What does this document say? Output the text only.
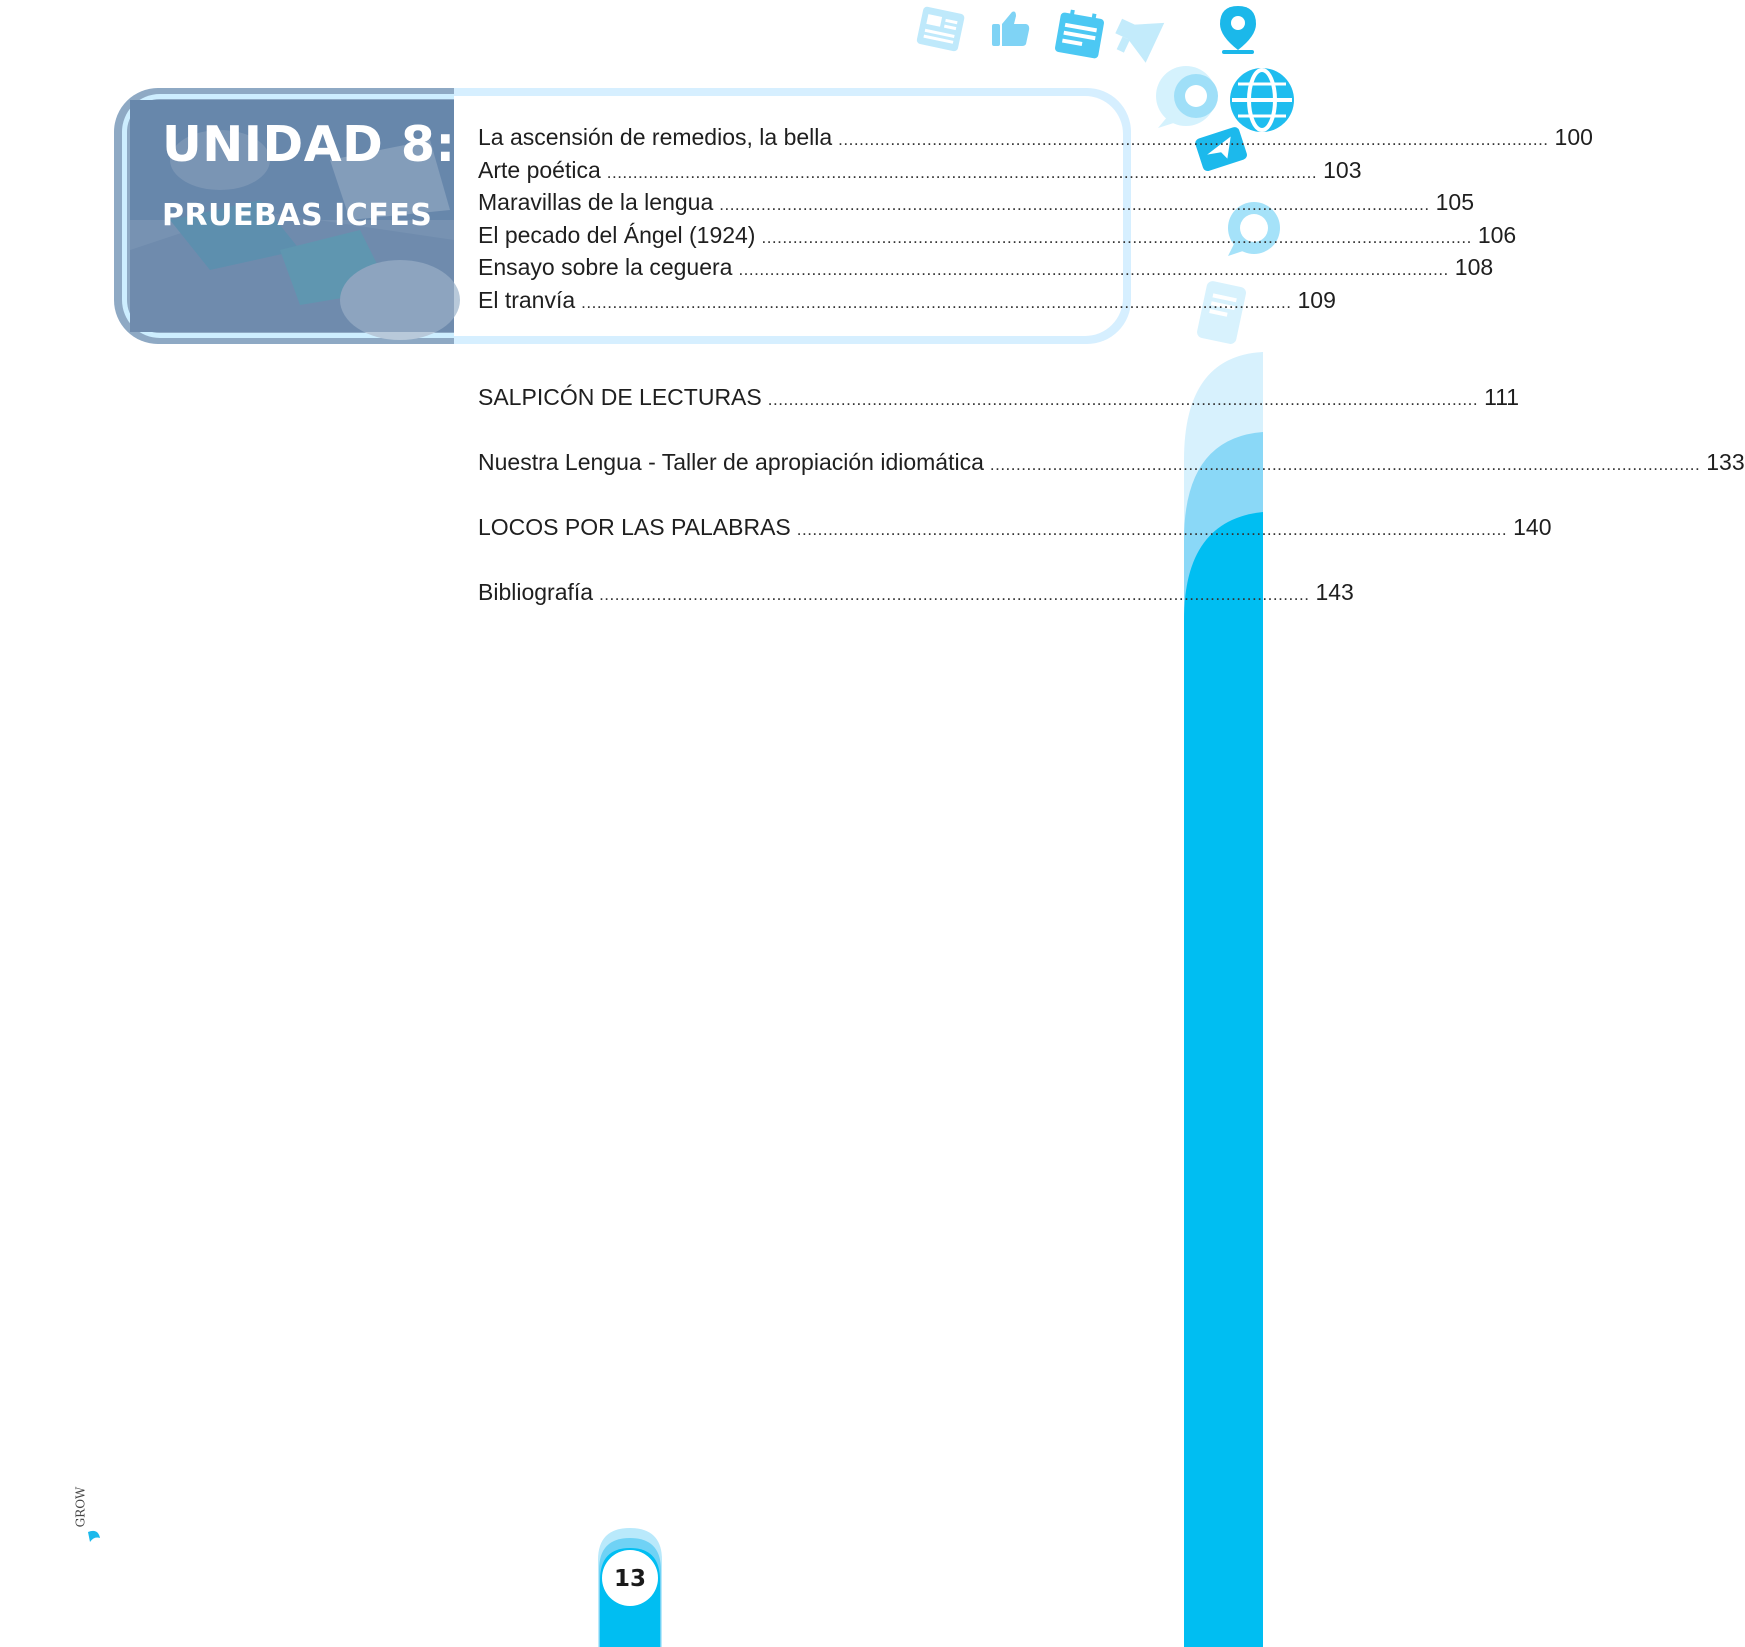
UNIDAD 8:
PRUEBAS ICFES
La ascensión de remedios, la bella ........................................................................................................................................ 100
Arte poética ........................................................................................................................................ 103
Maravillas de la lengua ........................................................................................................................................ 105
El pecado del Ángel (1924) ........................................................................................................................................ 106
Ensayo sobre la ceguera ........................................................................................................................................ 108
El tranvía ........................................................................................................................................ 109
SALPICÓN DE LECTURAS ........................................................................................................................................ 111
Nuestra Lengua - Taller de apropiación idiomática ........................................................................................................................................ 133
LOCOS POR LAS PALABRAS ........................................................................................................................................ 140
Bibliografía ........................................................................................................................................ 143
13
GROW
